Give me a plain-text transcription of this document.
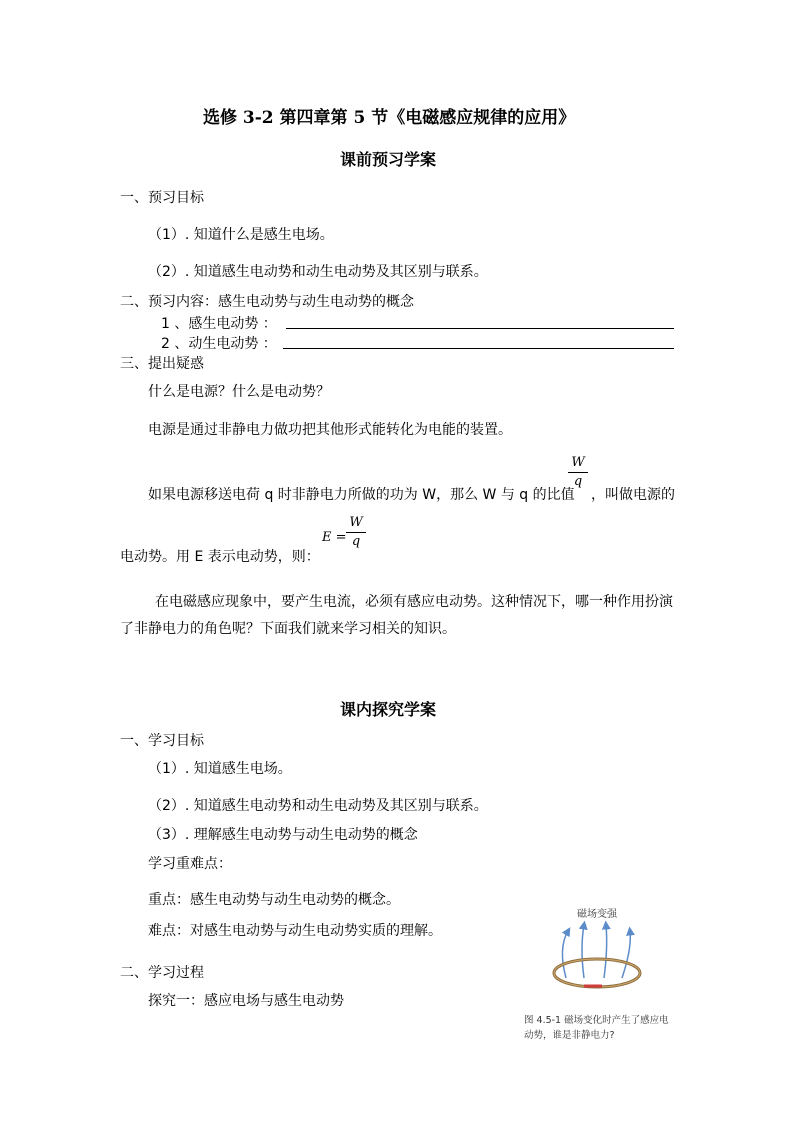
选修 3-2 第四章第 5 节《电磁感应规律的应用》
课前预习学案
一、预习目标
（1）. 知道什么是感生电场。
（2）. 知道感生电动势和动生电动势及其区别与联系。
二、预习内容：感生电动势与动生电动势的概念
1 、感生电动势 ：
2 、动生电动势 ：
三、提出疑惑
什么是电源？什么是电动势？
电源是通过非静电力做功把其他形式能转化为电能的装置。
W
q
如果电源移送电荷 q 时非静电力所做的功为 W，那么 W 与 q 的比值 ，叫做电源的
E =
W
q
电动势。用 E 表示电动势，则：
在电磁感应现象中，要产生电流，必须有感应电动势。这种情况下，哪一种作用扮演
了非静电力的角色呢？下面我们就来学习相关的知识。
课内探究学案
一、学习目标
（1）. 知道感生电场。
（2）. 知道感生电动势和动生电动势及其区别与联系。
（3）. 理解感生电动势与动生电动势的概念
学习重难点：
重点：感生电动势与动生电动势的概念。
难点：对感生电动势与动生电动势实质的理解。
二、学习过程
探究一：感应电场与感生电动势
磁场变强
图 4.5-1 磁场变化时产生了感应电动势，谁是非静电力?
